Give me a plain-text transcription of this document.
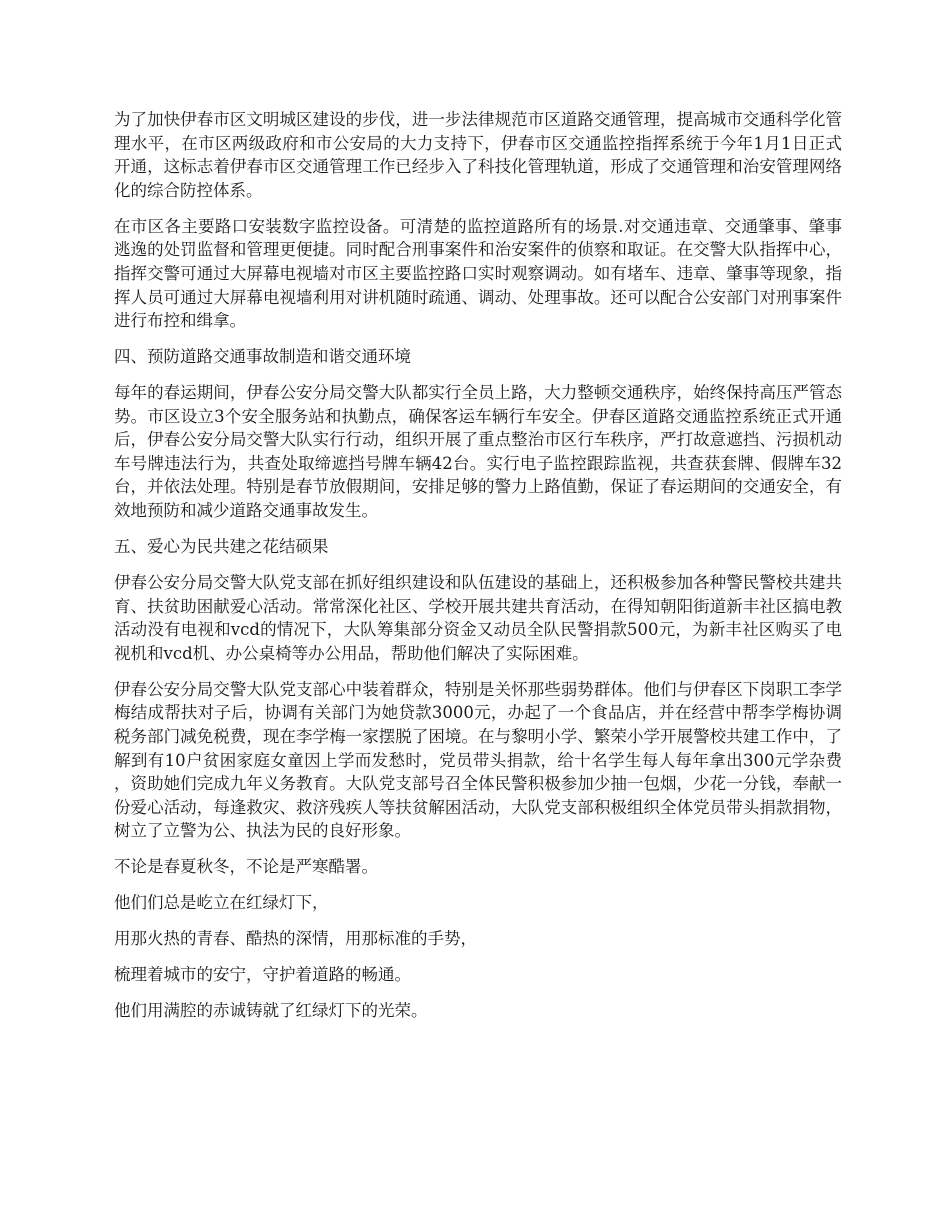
为了加快伊春市区文明城区建设的步伐，进一步法律规范市区道路交通管理，提高城市交通科学化管理水平，在市区两级政府和市公安局的大力支持下，伊春市区交通监控指挥系统于今年1月1日正式开通，这标志着伊春市区交通管理工作已经步入了科技化管理轨道，形成了交通管理和治安管理网络化的综合防控体系。

在市区各主要路口安装数字监控设备。可清楚的监控道路所有的场景.对交通违章、交通肇事、肇事逃逸的处罚监督和管理更便捷。同时配合刑事案件和治安案件的侦察和取证。在交警大队指挥中心，指挥交警可通过大屏幕电视墙对市区主要监控路口实时观察调动。如有堵车、违章、肇事等现象，指挥人员可通过大屏幕电视墙利用对讲机随时疏通、调动、处理事故。还可以配合公安部门对刑事案件进行布控和缉拿。

四、预防道路交通事故制造和谐交通环境

每年的春运期间，伊春公安分局交警大队都实行全员上路，大力整顿交通秩序，始终保持高压严管态势。市区设立3个安全服务站和执勤点，确保客运车辆行车安全。伊春区道路交通监控系统正式开通后，伊春公安分局交警大队实行行动，组织开展了重点整治市区行车秩序，严打故意遮挡、污损机动车号牌违法行为，共查处取缔遮挡号牌车辆42台。实行电子监控跟踪监视，共查获套牌、假牌车32台，并依法处理。特别是春节放假期间，安排足够的警力上路值勤，保证了春运期间的交通安全，有效地预防和减少道路交通事故发生。

五、爱心为民共建之花结硕果

伊春公安分局交警大队党支部在抓好组织建设和队伍建设的基础上，还积极参加各种警民警校共建共育、扶贫助困献爱心活动。常常深化社区、学校开展共建共育活动，在得知朝阳街道新丰社区搞电教活动没有电视和vcd的情况下，大队筹集部分资金又动员全队民警捐款500元，为新丰社区购买了电视机和vcd机、办公桌椅等办公用品，帮助他们解决了实际困难。

伊春公安分局交警大队党支部心中装着群众，特别是关怀那些弱势群体。他们与伊春区下岗职工李学梅结成帮扶对子后，协调有关部门为她贷款3000元，办起了一个食品店，并在经营中帮李学梅协调税务部门减免税费，现在李学梅一家摆脱了困境。在与黎明小学、繁荣小学开展警校共建工作中，了解到有10户贫困家庭女童因上学而发愁时，党员带头捐款，给十名学生每人每年拿出300元学杂费，资助她们完成九年义务教育。大队党支部号召全体民警积极参加少抽一包烟，少花一分钱，奉献一份爱心活动，每逢救灾、救济残疾人等扶贫解困活动，大队党支部积极组织全体党员带头捐款捐物，树立了立警为公、执法为民的良好形象。

不论是春夏秋冬，不论是严寒酷署。

他们们总是屹立在红绿灯下，

用那火热的青春、酷热的深情，用那标准的手势，

梳理着城市的安宁，守护着道路的畅通。

他们用满腔的赤诚铸就了红绿灯下的光荣。
